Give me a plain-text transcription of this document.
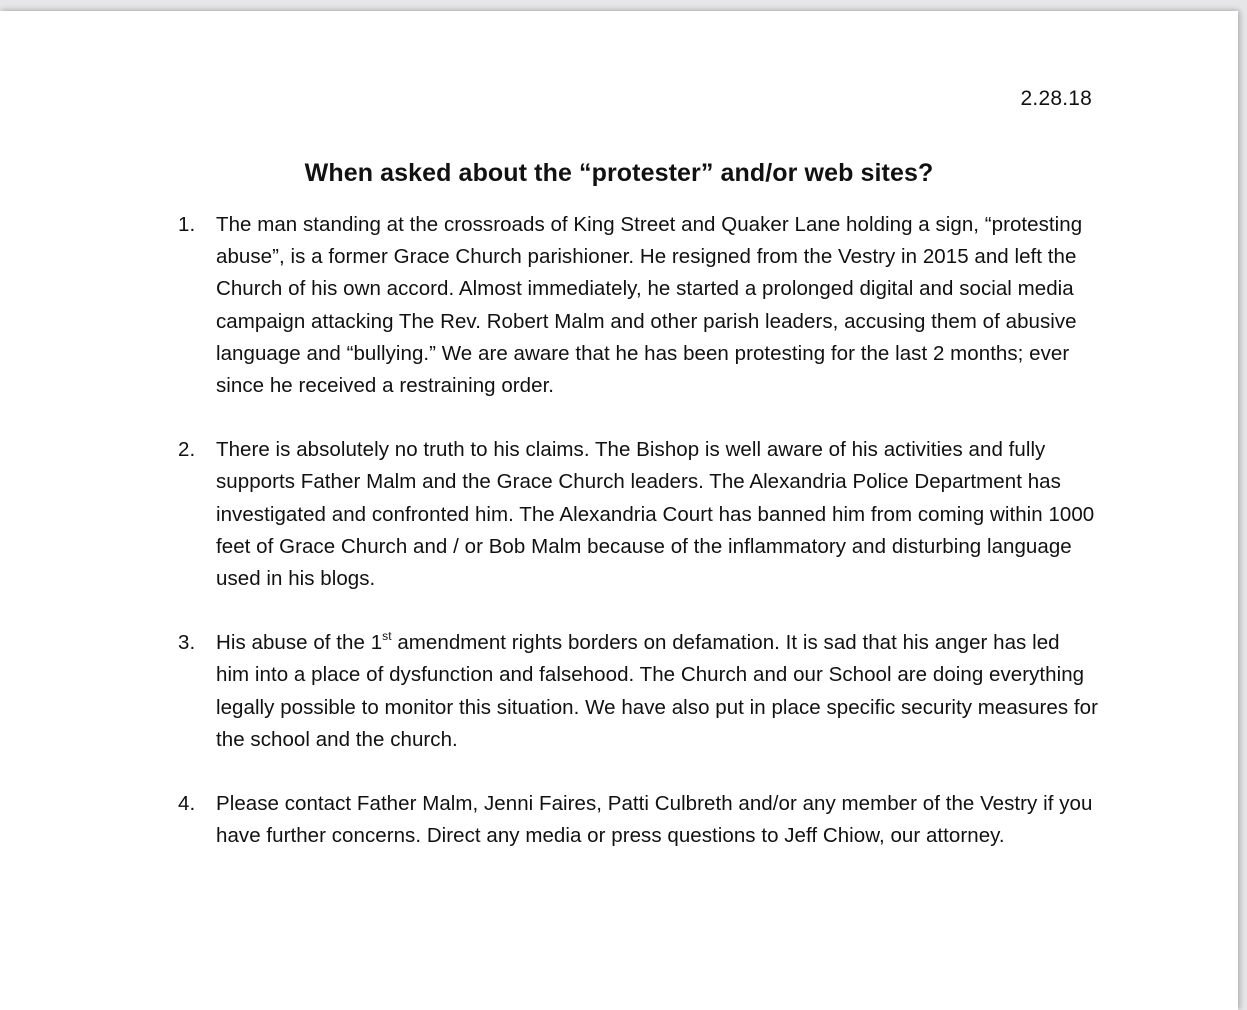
2.28.18
When asked about the “protester” and/or web sites?
1. The man standing at the crossroads of King Street and Quaker Lane holding a sign, “protesting abuse”, is a former Grace Church parishioner. He resigned from the Vestry in 2015 and left the Church of his own accord. Almost immediately, he started a prolonged digital and social media campaign attacking The Rev. Robert Malm and other parish leaders, accusing them of abusive language and “bullying.” We are aware that he has been protesting for the last 2 months; ever since he received a restraining order.
2. There is absolutely no truth to his claims. The Bishop is well aware of his activities and fully supports Father Malm and the Grace Church leaders. The Alexandria Police Department has investigated and confronted him. The Alexandria Court has banned him from coming within 1000 feet of Grace Church and / or Bob Malm because of the inflammatory and disturbing language used in his blogs.
3. His abuse of the 1st amendment rights borders on defamation. It is sad that his anger has led him into a place of dysfunction and falsehood. The Church and our School are doing everything legally possible to monitor this situation. We have also put in place specific security measures for the school and the church.
4. Please contact Father Malm, Jenni Faires, Patti Culbreth and/or any member of the Vestry if you have further concerns. Direct any media or press questions to Jeff Chiow, our attorney.
